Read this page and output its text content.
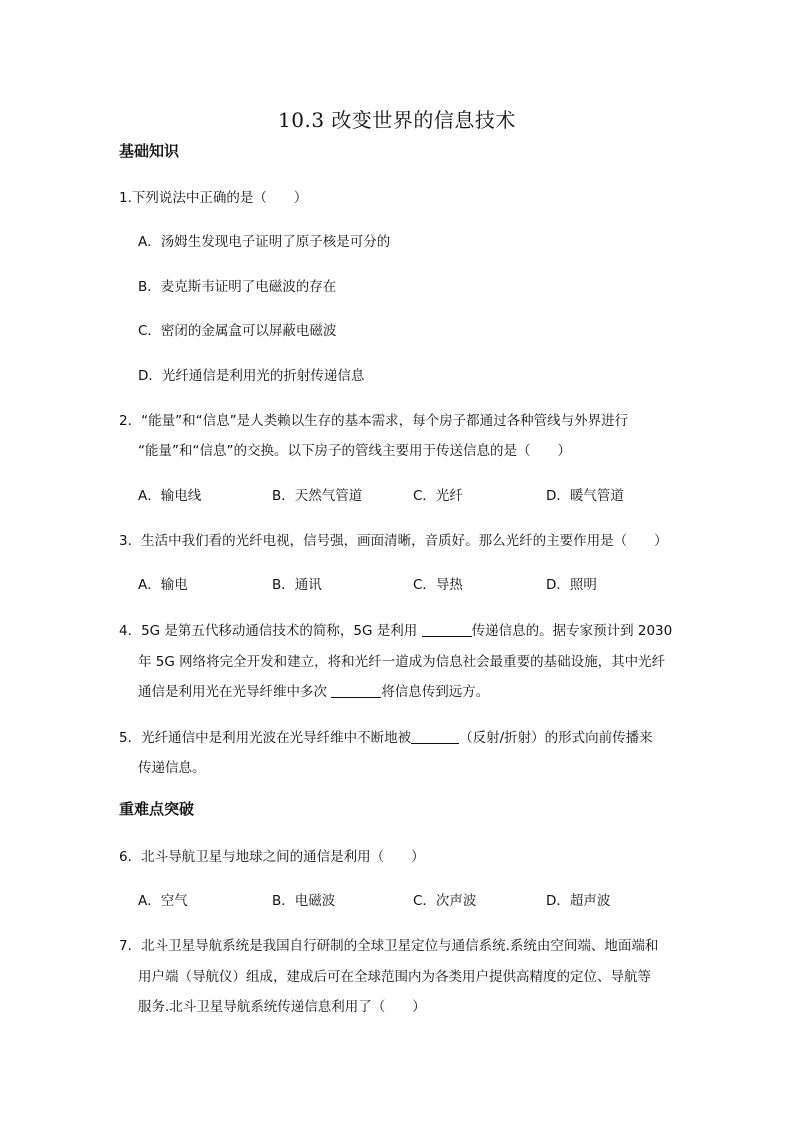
10.3 改变世界的信息技术
基础知识
1.下列说法中正确的是（　　）
A．汤姆生发现电子证明了原子核是可分的
B．麦克斯韦证明了电磁波的存在
C．密闭的金属盒可以屏蔽电磁波
D．光纤通信是利用光的折射传递信息
2．“能量”和“信息”是人类赖以生存的基本需求，每个房子都通过各种管线与外界进行
“能量”和“信息”的交换。以下房子的管线主要用于传送信息的是（　　）
A．输电线	B．天然气管道	C．光纤	D．暖气管道
3．生活中我们看的光纤电视，信号强，画面清晰，音质好。那么光纤的主要作用是（　　）
A．输电	B．通讯	C．导热	D．照明
4．5G 是第五代移动通信技术的简称，5G 是利用	传递信息的。据专家预计到 2030
年 5G 网络将完全开发和建立，将和光纤一道成为信息社会最重要的基础设施，其中光纤
通信是利用光在光导纤维中多次	将信息传到远方。
5．光纤通信中是利用光波在光导纤维中不断地被	（反射/折射）的形式向前传播来
传递信息。
重难点突破
6．北斗导航卫星与地球之间的通信是利用（　　）
A．空气	B．电磁波	C．次声波	D．超声波
7．北斗卫星导航系统是我国自行研制的全球卫星定位与通信系统.系统由空间端、地面端和
用户端（导航仪）组成，建成后可在全球范围内为各类用户提供高精度的定位、导航等
服务.北斗卫星导航系统传递信息利用了（　　）
